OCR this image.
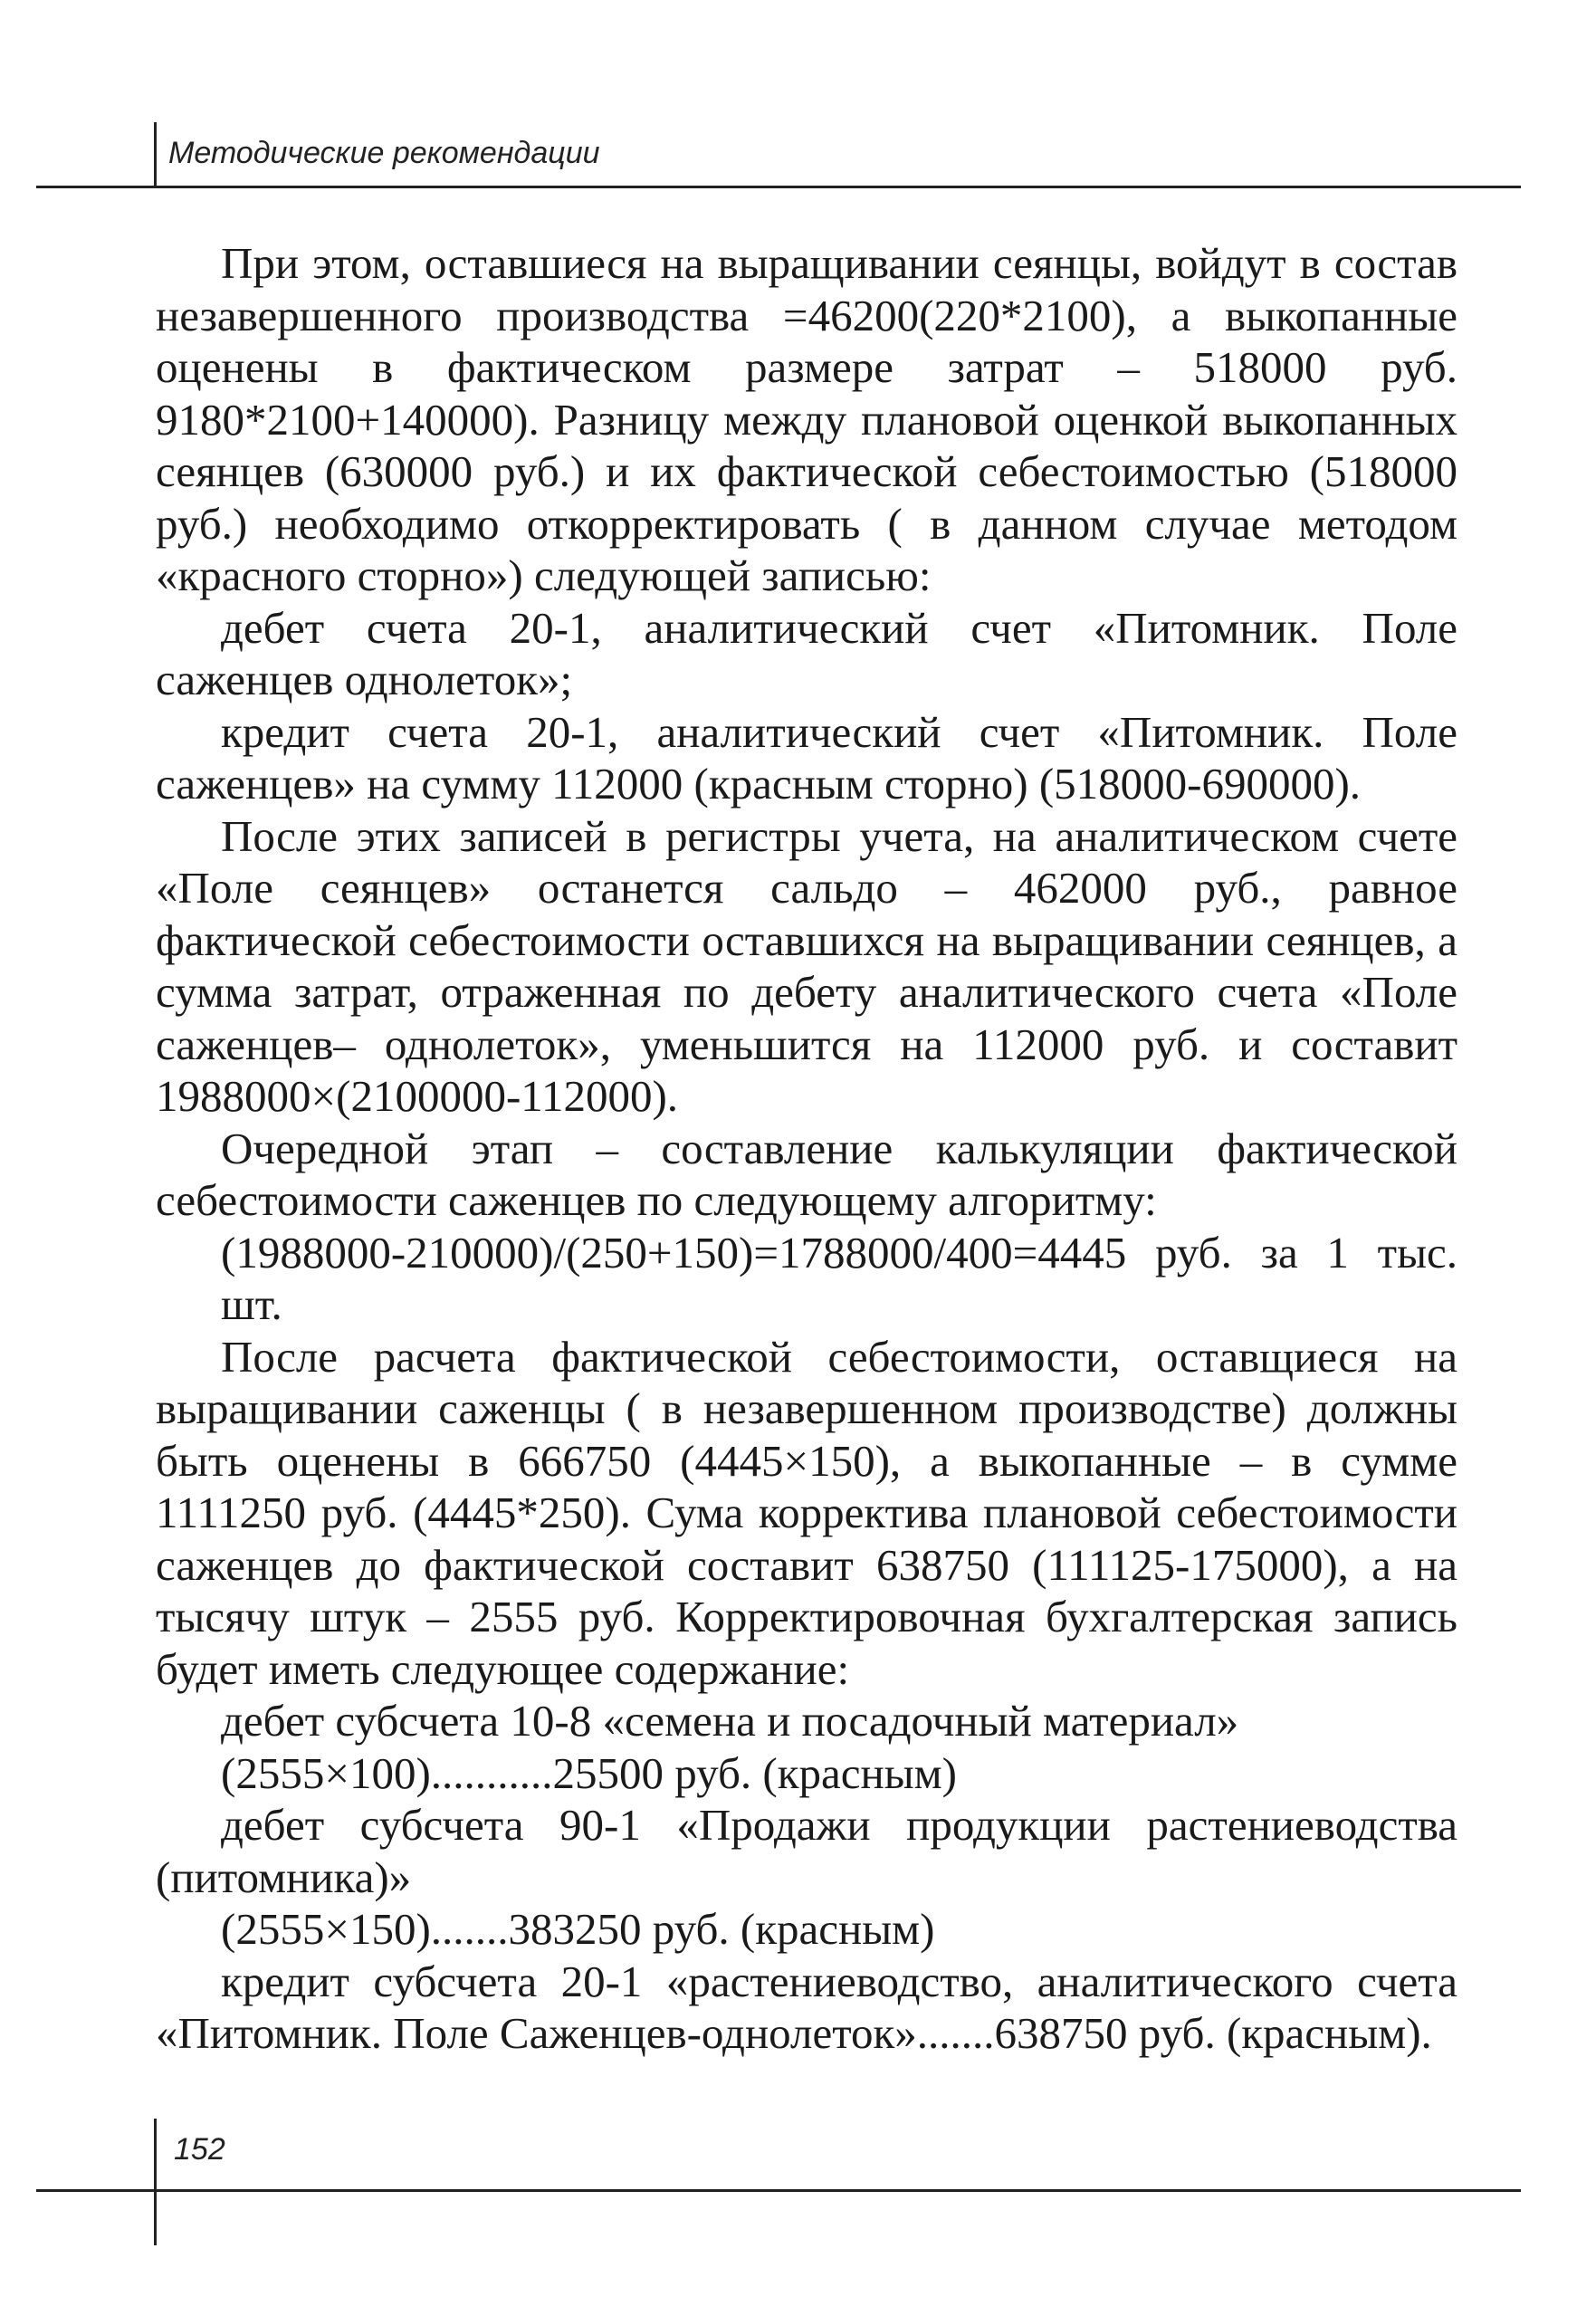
Методические рекомендации

При этом, оставшиеся на выращивании сеянцы, войдут в состав незавершенного производства =46200(220*2100), а выкопанные оценены в фактическом размере затрат – 518000 руб. 9180*2100+140000). Разницу между плановой оценкой выкопанных сеянцев (630000 руб.) и их фактической себестоимостью (518000 руб.) необходимо откорректировать ( в данном случае методом «красного сторно») следующей записью:

дебет счета 20-1, аналитический счет «Питомник. Поле саженцев однолеток»;

кредит счета 20-1, аналитический счет «Питомник. Поле саженцев» на сумму 112000 (красным сторно) (518000-690000).

После этих записей в регистры учета, на аналитическом счете «Поле сеянцев» останется сальдо – 462000 руб., равное фактической себестоимости оставшихся на выращивании сеянцев, а сумма затрат, отраженная по дебету аналитического счета «Поле саженцев– однолеток», уменьшится на 112000 руб. и составит 1988000×(2100000-112000).

Очередной этап – составление калькуляции фактической себестоимости саженцев по следующему алгоритму:

(1988000-210000)/(250+150)=1788000/400=4445 руб. за 1 тыс. шт.

После расчета фактической себестоимости, оставщиеся на выращивании саженцы ( в незавершенном производстве) должны быть оценены в 666750 (4445×150), а выкопанные – в сумме 1111250 руб. (4445*250). Сума корректива плановой себестоимости саженцев до фактической составит 638750 (111125-175000), а на тысячу штук – 2555 руб. Корректировочная бухгалтерская запись будет иметь следующее содержание:

дебет субсчета 10-8 «семена и посадочный материал»

(2555×100)...........25500 руб. (красным)

дебет субсчета 90-1 «Продажи продукции растениеводства (питомника)»

(2555×150).......383250 руб. (красным)

кредит субсчета 20-1 «растениеводство, аналитического счета «Питомник. Поле Саженцев-однолеток».......638750 руб. (красным).

152
